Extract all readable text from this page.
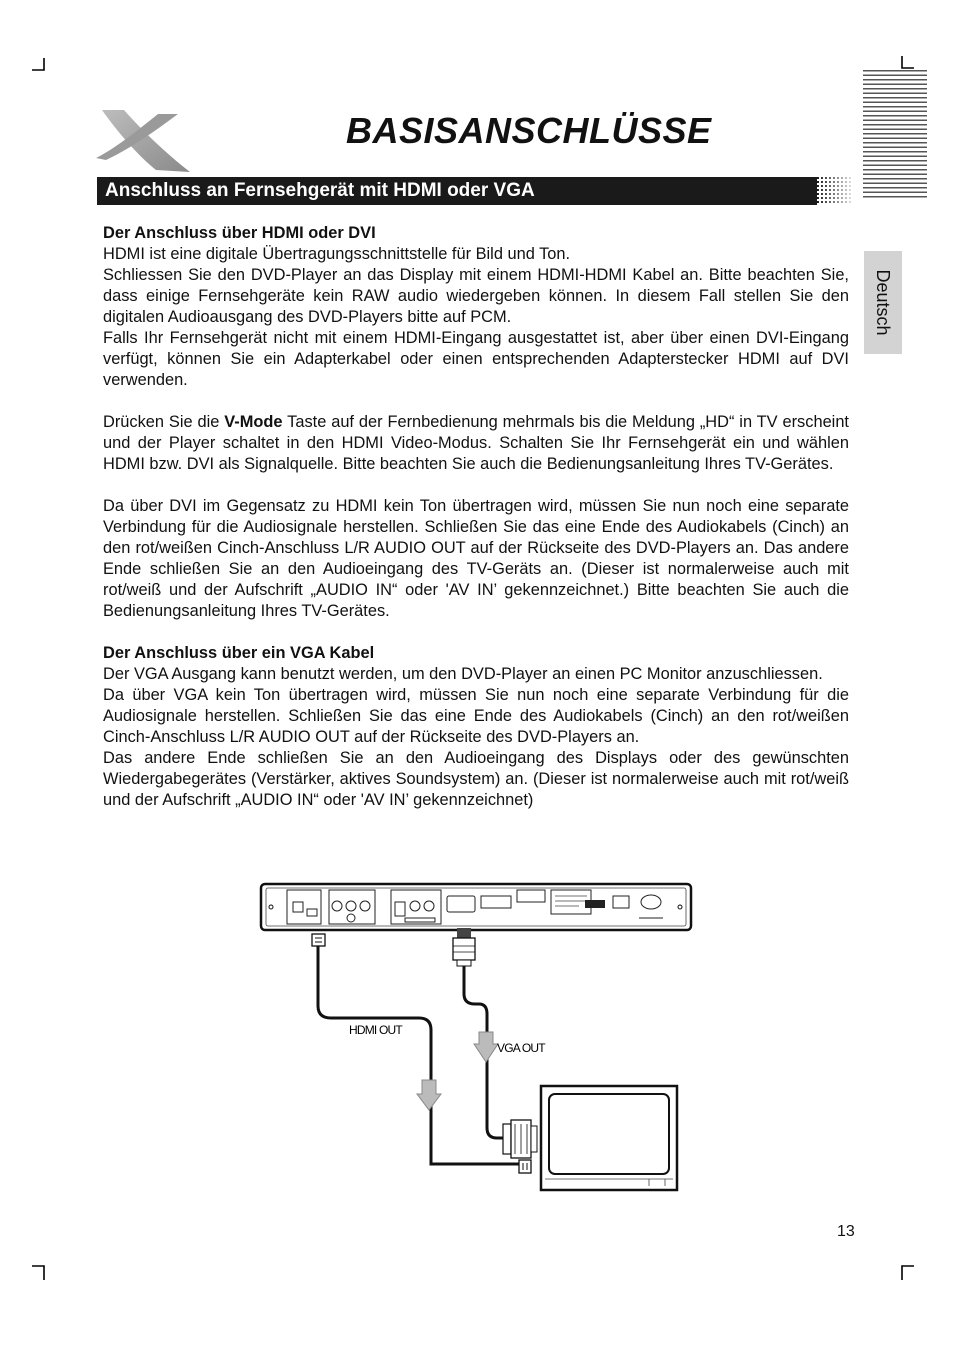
BASISANSCHLÜSSE
Anschluss an Fernsehgerät mit HDMI oder VGA
Deutsch

Der Anschluss über HDMI oder DVI

HDMI ist eine digitale Übertragungsschnittstelle für Bild und Ton.

Schliessen Sie den DVD-Player an das Display mit einem HDMI-HDMI Kabel an. Bitte beachten Sie, dass einige Fernsehgeräte kein RAW audio wiedergeben können. In diesem Fall stellen Sie den digitalen Audioausgang des DVD-Players bitte auf PCM.

Falls Ihr Fernsehgerät nicht mit einem HDMI-Eingang ausgestattet ist, aber über einen DVI-Eingang verfügt, können Sie ein Adapterkabel oder einen entsprechenden Adapterstecker HDMI auf DVI verwenden.

Drücken Sie die V-Mode Taste auf der Fernbedienung mehrmals bis die Meldung „HD“ in TV erscheint und der Player schaltet in den HDMI Video-Modus. Schalten Sie Ihr Fernsehgerät ein und wählen HDMI bzw. DVI als Signalquelle. Bitte beachten Sie auch die Bedienungsanleitung Ihres TV-Gerätes.

Da über DVI im Gegensatz zu HDMI kein Ton übertragen wird, müssen Sie nun noch eine separate Verbindung für die Audiosignale herstellen. Schließen Sie das eine Ende des Audiokabels (Cinch) an den rot/weißen Cinch-Anschluss L/R AUDIO OUT auf der Rückseite des DVD-Players an. Das andere Ende schließen Sie an den Audioeingang des TV-Geräts an. (Dieser ist normalerweise auch mit rot/weiß und der Aufschrift „AUDIO IN“ oder 'AV IN’ gekennzeichnet.) Bitte beachten Sie auch die Bedienungsanleitung Ihres TV-Gerätes.

Der Anschluss über ein VGA Kabel

Der VGA Ausgang kann benutzt werden, um den DVD-Player an einen PC Monitor anzuschliessen.

Da über VGA kein Ton übertragen wird, müssen Sie nun noch eine separate Verbindung für die Audiosignale herstellen. Schließen Sie das eine Ende des Audiokabels (Cinch) an den rot/weißen Cinch-Anschluss L/R AUDIO OUT auf der Rückseite des DVD-Players an.

Das andere Ende schließen Sie an den Audioeingang des Displays oder des gewünschten Wiedergabegerätes (Verstärker, aktives Soundsystem) an. (Dieser ist normalerweise auch mit rot/weiß und der Aufschrift „AUDIO IN“ oder 'AV IN’ gekennzeichnet)

HDMI OUT
VGA OUT
13
